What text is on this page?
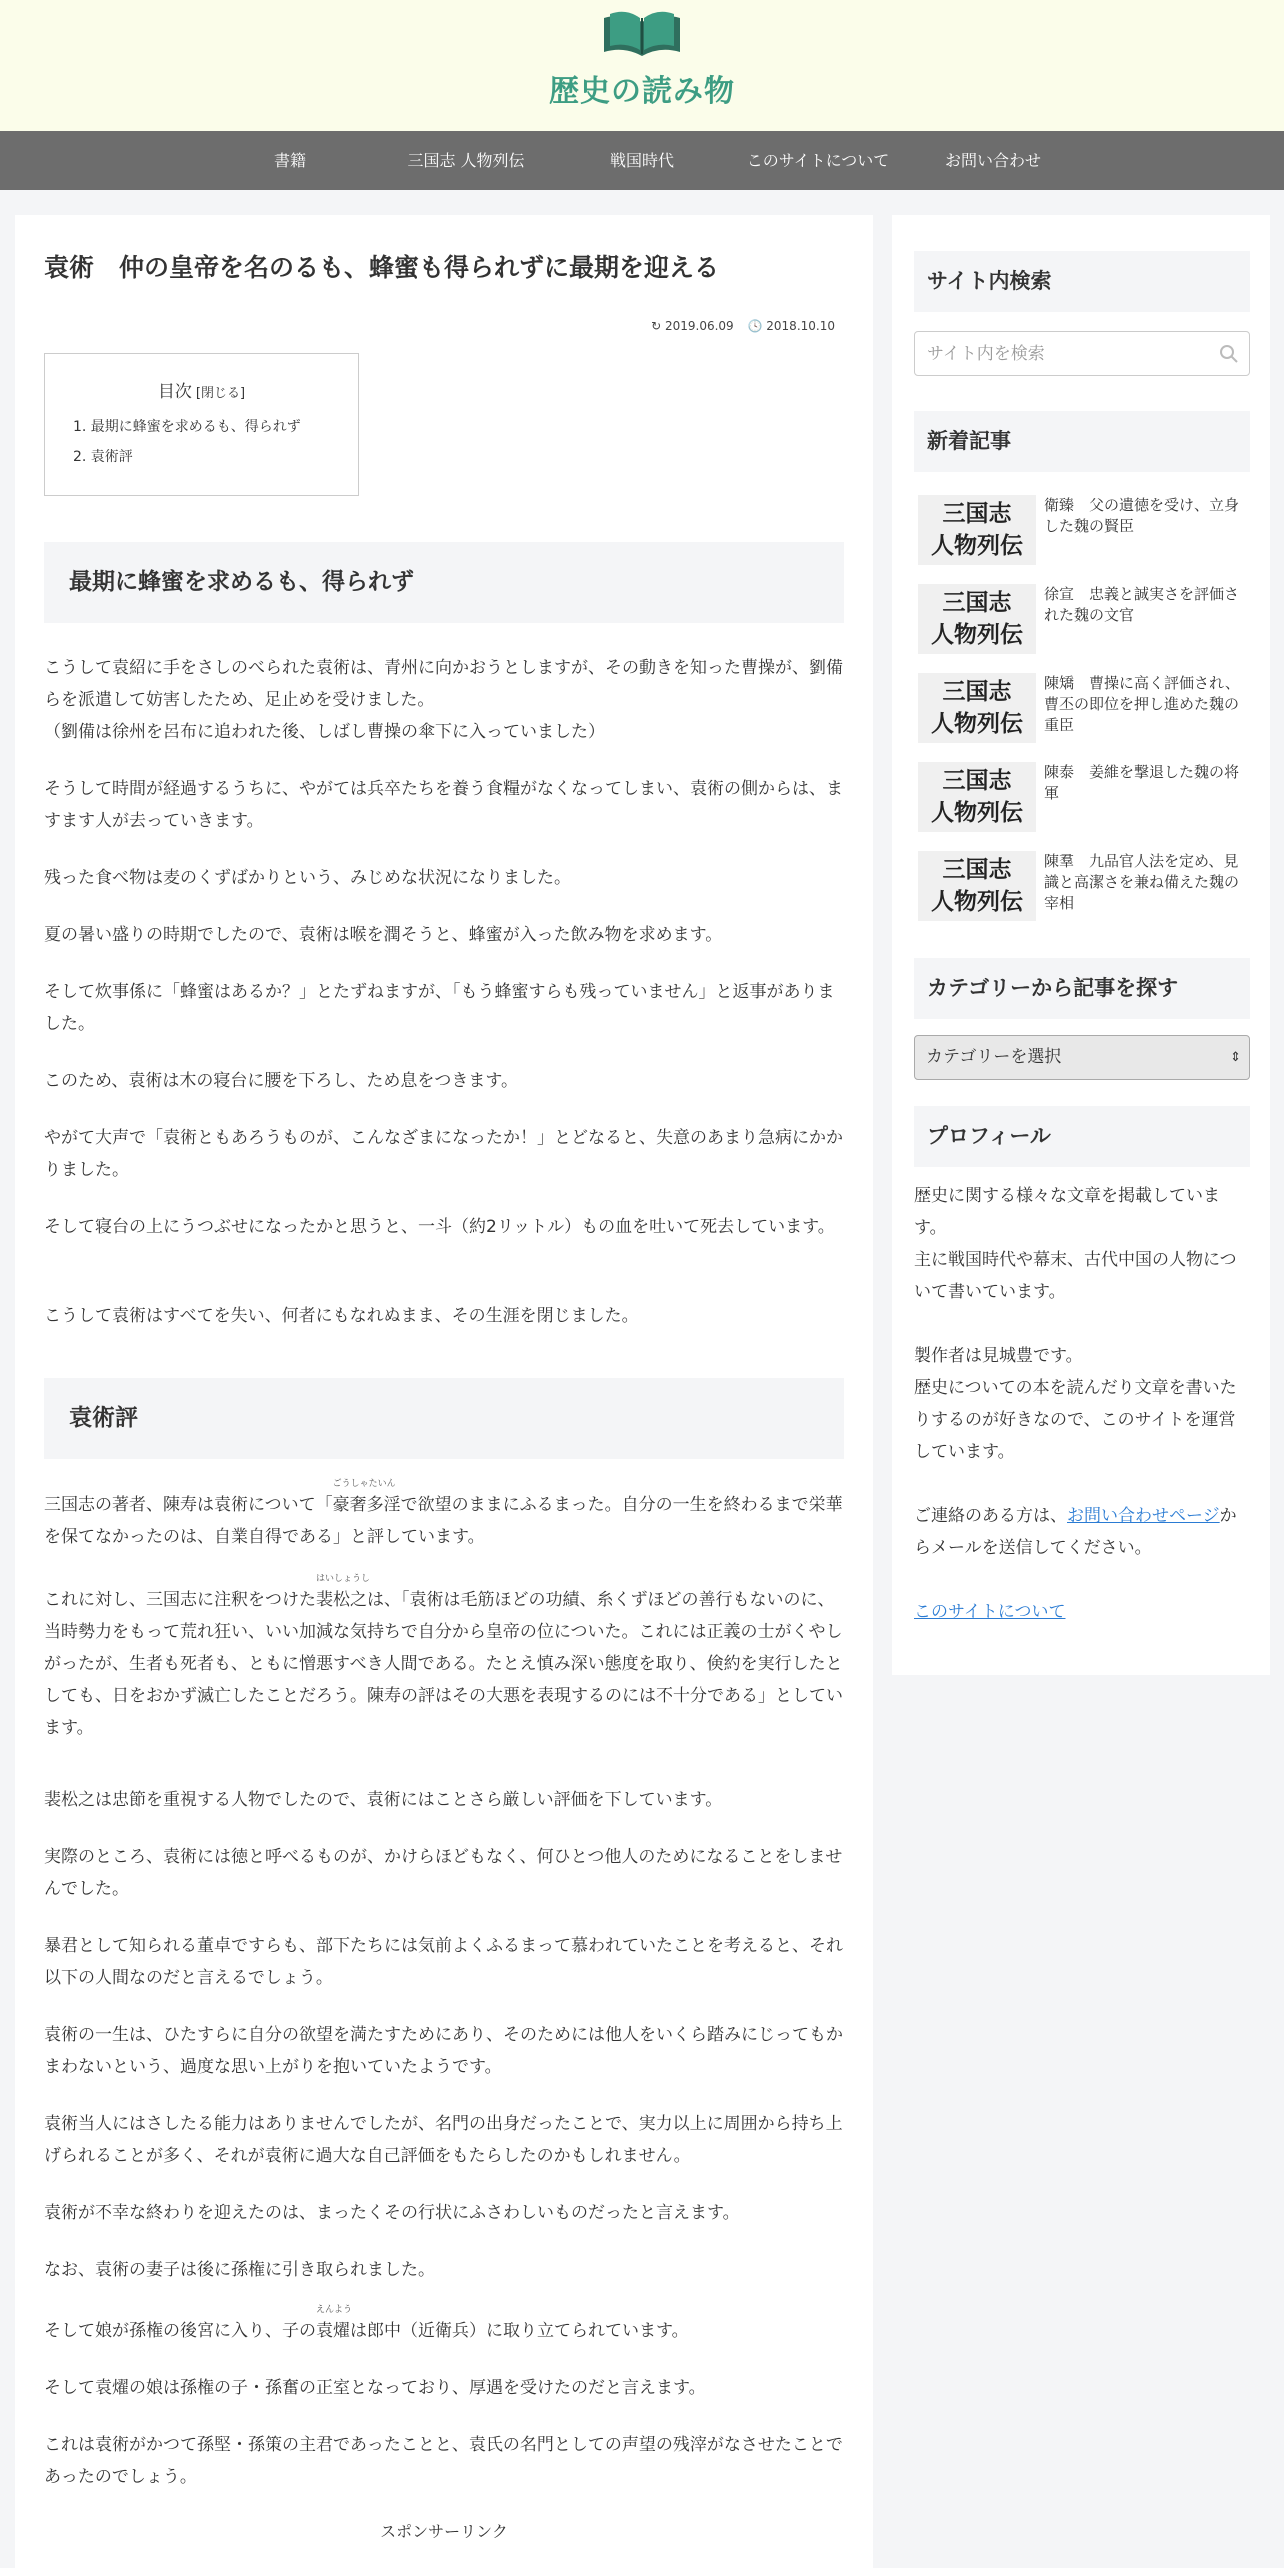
歴史の読み物
書籍	三国志 人物列伝	戦国時代	このサイトについて	お問い合わせ
袁術　仲の皇帝を名のるも、蜂蜜も得られずに最期を迎える
↻ 2019.06.09 🕓 2018.10.10
目次 [閉じる]
1. 最期に蜂蜜を求めるも、得られず
2. 袁術評
最期に蜂蜜を求めるも、得られず

こうして袁紹に手をさしのべられた袁術は、青州に向かおうとしますが、その動きを知った曹操が、劉備らを派遣して妨害したため、足止めを受けました。
（劉備は徐州を呂布に追われた後、しばし曹操の傘下に入っていました）

そうして時間が経過するうちに、やがては兵卒たちを養う食糧がなくなってしまい、袁術の側からは、ますます人が去っていきます。

残った食べ物は麦のくずばかりという、みじめな状況になりました。

夏の暑い盛りの時期でしたので、袁術は喉を潤そうと、蜂蜜が入った飲み物を求めます。

そして炊事係に「蜂蜜はあるか？」とたずねますが、「もう蜂蜜すらも残っていません」と返事がありました。

このため、袁術は木の寝台に腰を下ろし、ため息をつきます。

やがて大声で「袁術ともあろうものが、こんなざまになったか！」とどなると、失意のあまり急病にかかりました。

そして寝台の上にうつぶせになったかと思うと、一斗（約2リットル）もの血を吐いて死去しています。

こうして袁術はすべてを失い、何者にもなれぬまま、その生涯を閉じました。

袁術評

三国志の著者、陳寿は袁術について「
ごうしゃたいん
豪奢多淫で欲望のままにふるまった。自分の一生を終わるまで栄華を保てなかったのは、自業自得である」と評しています。

これに対し、三国志に注釈をつけた
はいしょうし
裴松之は、「袁術は毛筋ほどの功績、糸くずほどの善行もないのに、当時勢力をもって荒れ狂い、いい加減な気持ちで自分から皇帝の位についた。これには正義の士がくやしがったが、生者も死者も、ともに憎悪すべき人間である。たとえ慎み深い態度を取り、倹約を実行したとしても、日をおかず滅亡したことだろう。陳寿の評はその大悪を表現するのには不十分である」としています。

裴松之は忠節を重視する人物でしたので、袁術にはことさら厳しい評価を下しています。

実際のところ、袁術には徳と呼べるものが、かけらほどもなく、何ひとつ他人のためになることをしませんでした。

暴君として知られる董卓ですらも、部下たちには気前よくふるまって慕われていたことを考えると、それ以下の人間なのだと言えるでしょう。

袁術の一生は、ひたすらに自分の欲望を満たすためにあり、そのためには他人をいくら踏みにじってもかまわないという、過度な思い上がりを抱いていたようです。

袁術当人にはさしたる能力はありませんでしたが、名門の出身だったことで、実力以上に周囲から持ち上げられることが多く、それが袁術に過大な自己評価をもたらしたのかもしれません。

袁術が不幸な終わりを迎えたのは、まったくその行状にふさわしいものだったと言えます。

なお、袁術の妻子は後に孫権に引き取られました。

そして娘が孫権の後宮に入り、子の
えんよう
袁燿は郎中（近衛兵）に取り立てられています。

そして袁燿の娘は孫権の子・孫奮の正室となっており、厚遇を受けたのだと言えます。

これは袁術がかつて孫堅・孫策の主君であったことと、袁氏の名門としての声望の残滓がなさせたことであったのでしょう。

スポンサーリンク
サイト内検索
サイト内を検索
新着記事
三国志
人物列伝
衛臻　父の遺徳を受け、立身した魏の賢臣
三国志
人物列伝
徐宣　忠義と誠実さを評価された魏の文官
三国志
人物列伝
陳矯　曹操に高く評価され、曹丕の即位を押し進めた魏の重臣
三国志
人物列伝
陳泰　姜維を撃退した魏の将軍
三国志
人物列伝
陳羣　九品官人法を定め、見識と高潔さを兼ね備えた魏の宰相
カテゴリーから記事を探す
カテゴリーを選択	⇕
プロフィール
歴史に関する様々な文章を掲載しています。
主に戦国時代や幕末、古代中国の人物について書いています。
製作者は見城豊です。
歴史についての本を読んだり文章を書いたりするのが好きなので、このサイトを運営しています。
ご連絡のある方は、お問い合わせページからメールを送信してください。
このサイトについて
